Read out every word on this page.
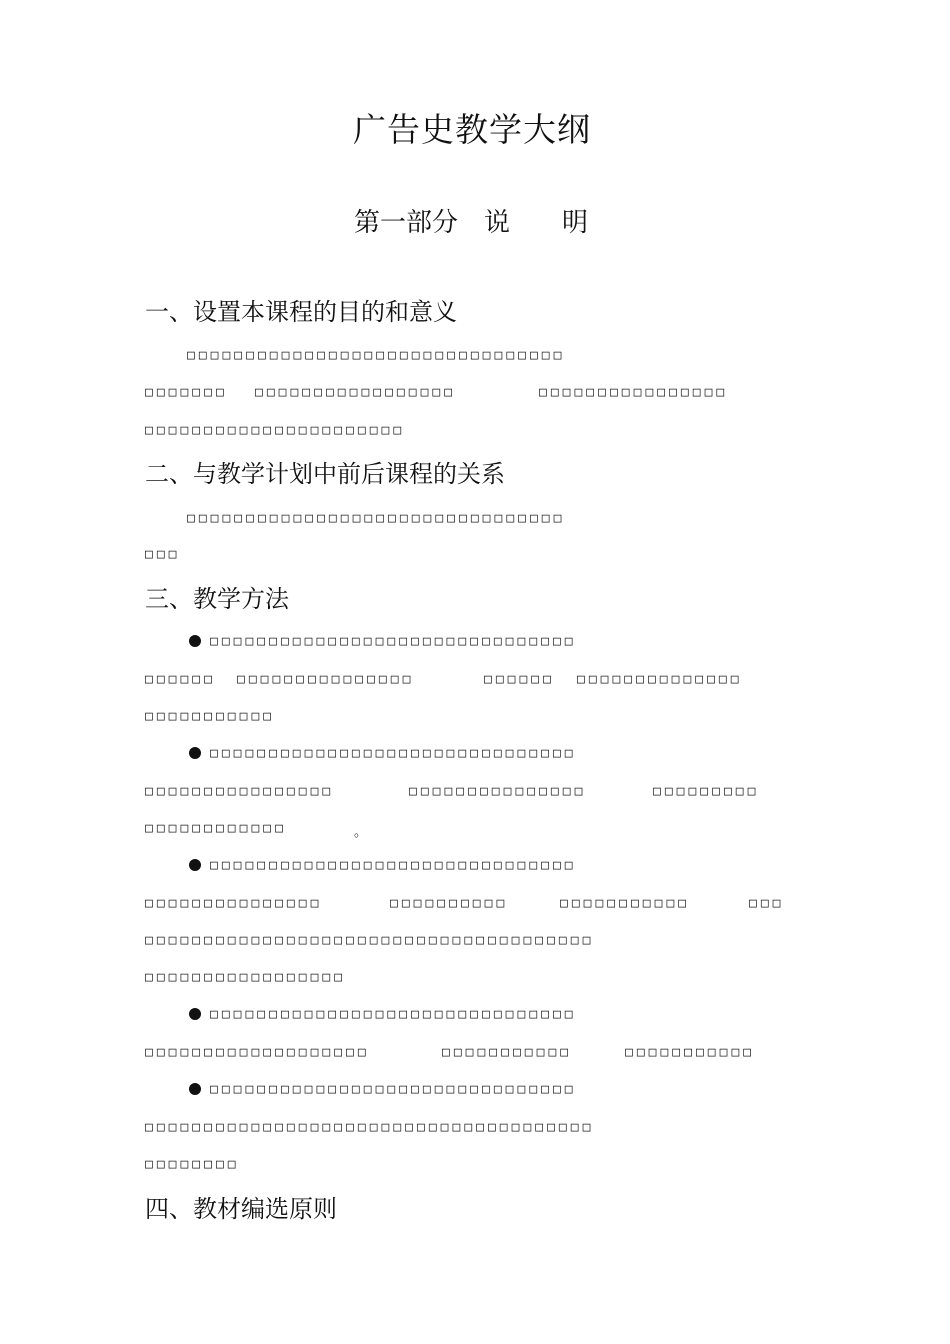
广告史教学大纲
第一部分　说　　明
一、设置本课程的目的和意义
□□□□□□□□□□□□□□□□□□□□□□□□□□□□□□□□
□□□□□□□ □□□□□□□□□□□□□□□□□	□□□□□□□□□□□□□□□□
□□□□□□□□□□□□□□□□□□□□□□
二、与教学计划中前后课程的关系
□□□□□□□□□□□□□□□□□□□□□□□□□□□□□□□□
□□□
三、教学方法
□□□□□□□□□□□□□□□□□□□□□□□□□□□□□□□
□□□□□□ □□□□□□□□□□□□□□□	□□□□□□ □□□□□□□□□□□□□□
□□□□□□□□□□□
□□□□□□□□□□□□□□□□□□□□□□□□□□□□□□□
□□□□□□□□□□□□□□□□	□□□□□□□□□□□□□□□	□□□□□□□□□
□□□□□□□□□□□□	。
□□□□□□□□□□□□□□□□□□□□□□□□□□□□□□□
□□□□□□□□□□□□□□□	□□□□□□□□□□	□□□□□□□□□□□	□□□
□□□□□□□□□□□□□□□□□□□□□□□□□□□□□□□□□□□□□□
□□□□□□□□□□□□□□□□□
□□□□□□□□□□□□□□□□□□□□□□□□□□□□□□□
□□□□□□□□□□□□□□□□□□□	□□□□□□□□□□□	□□□□□□□□□□□
□□□□□□□□□□□□□□□□□□□□□□□□□□□□□□□
□□□□□□□□□□□□□□□□□□□□□□□□□□□□□□□□□□□□□□
□□□□□□□□
四、教材编选原则
